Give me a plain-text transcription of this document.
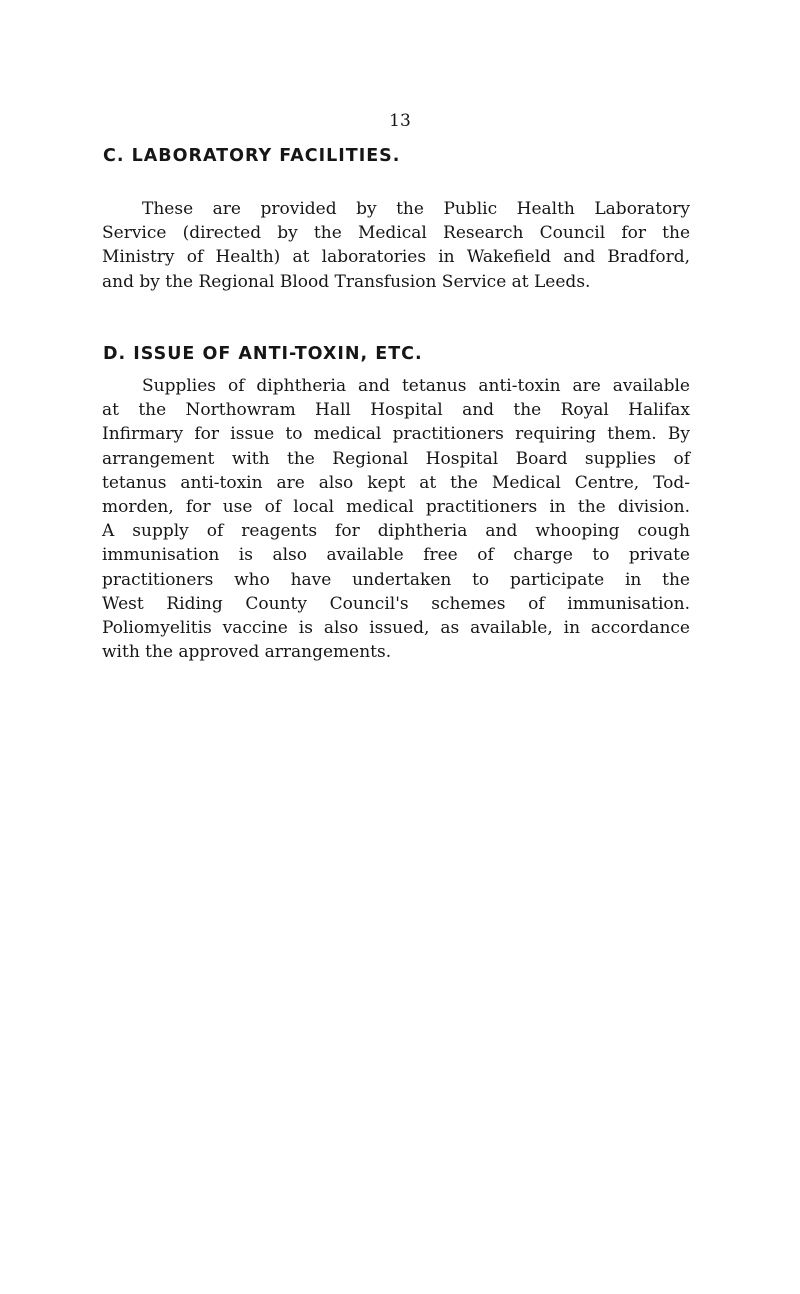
13
C. LABORATORY FACILITIES.
These are provided by the Public Health Laboratory
Service (directed by the Medical Research Council for the
Ministry of Health) at laboratories in Wakefield and Bradford,
and by the Regional Blood Transfusion Service at Leeds.
D. ISSUE OF ANTI-TOXIN, ETC.
Supplies of diphtheria and tetanus anti-toxin are available
at the Northowram Hall Hospital and the Royal Halifax
Infirmary for issue to medical practitioners requiring them. By
arrangement with the Regional Hospital Board supplies of
tetanus anti-toxin are also kept at the Medical Centre, Tod-
morden, for use of local medical practitioners in the division.
A supply of reagents for diphtheria and whooping cough
immunisation is also available free of charge to private
practitioners who have undertaken to participate in the
West Riding County Council's schemes of immunisation.
Poliomyelitis vaccine is also issued, as available, in accordance
with the approved arrangements.
